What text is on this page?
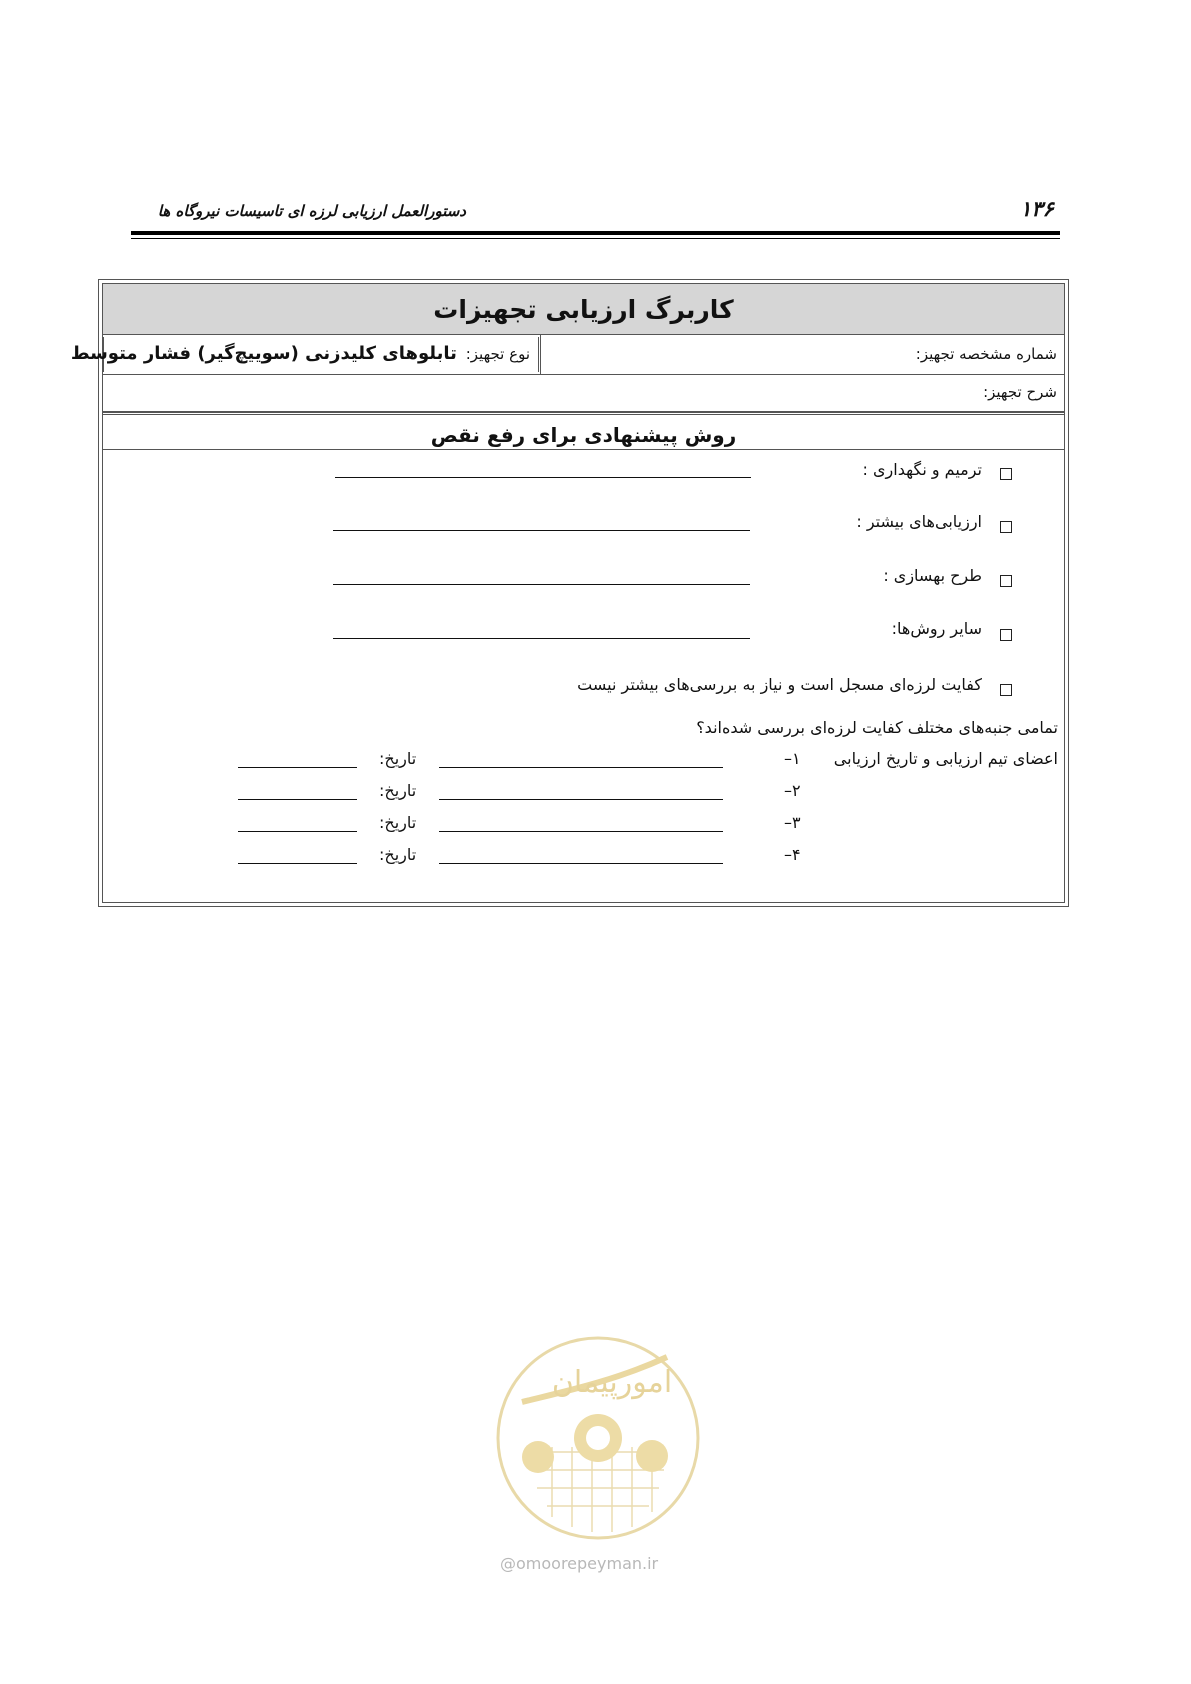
۱۳۶
دستورالعمل ارزیابی لرزه ای تاسیسات نیروگاه ها
کاربرگ ارزیابی تجهیزات
شماره مشخصه تجهیز:
نوع تجهیز: تابلوهای کلیدزنی (سوییچ‌گیر) فشار متوسط
شرح تجهیز:
روش پیشنهادی برای رفع نقص
ترمیم و نگهداری :
ارزیابی‌های بیشتر :
طرح بهسازی :
سایر روش‌ها:
کفایت لرزه‌ای مسجل است و نیاز به بررسی‌های بیشتر نیست
تمامی جنبه‌های مختلف کفایت لرزه‌ای بررسی شده‌اند؟
اعضای تیم ارزیابی و تاریخ ارزیابی
۱–
تاریخ:
۲–
تاریخ:
۳–
تاریخ:
۴–
تاریخ:
امورپیمان
@omoorepeyman.ir
